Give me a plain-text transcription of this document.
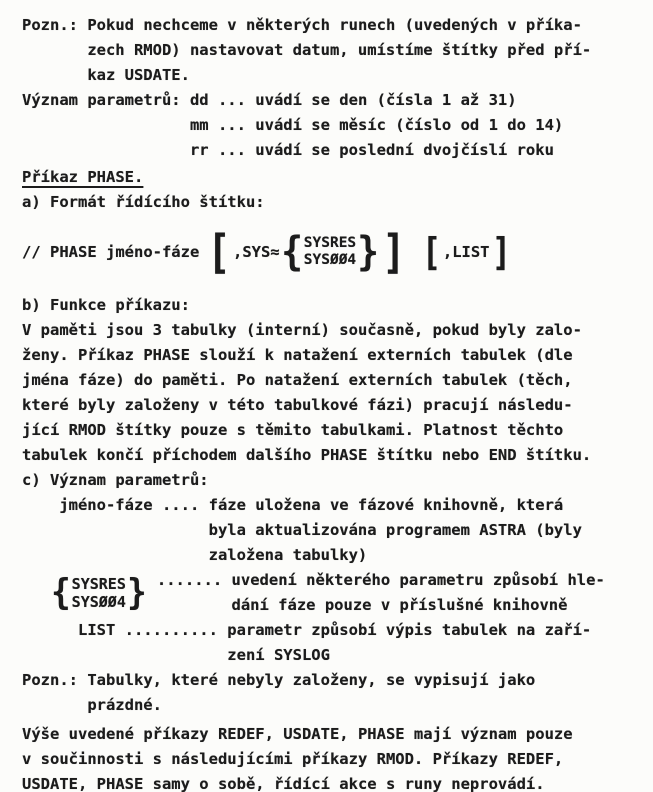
Pozn.: Pokud nechceme v některých runech (uvedených v příka-
zech RMOD) nastavovat datum, umístíme štítky před pří-
kaz USDATE.
Význam parametrů: dd ... uvádí se den (čísla 1 až 31)
mm ... uvádí se měsíc (číslo od 1 do 14)
rr ... uvádí se poslední dvojčíslí roku
Příkaz PHASE.
a) Formát řídícího štítku:
// PHASE jméno-fáze [ ,SYS≈ { SYSRES
SYSØØ4 } ] [ ,LIST ]
b) Funkce příkazu:
V paměti jsou 3 tabulky (interní) současně, pokud byly zalo-
ženy. Příkaz PHASE slouží k natažení externích tabulek (dle
jména fáze) do paměti. Po natažení externích tabulek (těch,
které byly založeny v této tabulkové fázi) pracují následu-
jící RMOD štítky pouze s těmito tabulkami. Platnost těchto
tabulek končí příchodem dalšího PHASE štítku nebo END štítku.
c) Význam parametrů:
jméno-fáze .... fáze uložena ve fázové knihovně, která
byla aktualizována programem ASTRA (byly
založena tabulky)
{ SYSRES
SYSØØ4 } ....... uvedení některého parametru způsobí hle-
dání fáze pouze v příslušné knihovně
LIST .......... parametr způsobí výpis tabulek na zaří-
zení SYSLOG
Pozn.: Tabulky, které nebyly založeny, se vypisují jako
prázdné.
Výše uvedené příkazy REDEF, USDATE, PHASE mají význam pouze
v součinnosti s následujícími příkazy RMOD. Příkazy REDEF,
USDATE, PHASE samy o sobě, řídící akce s runy neprovádí.
